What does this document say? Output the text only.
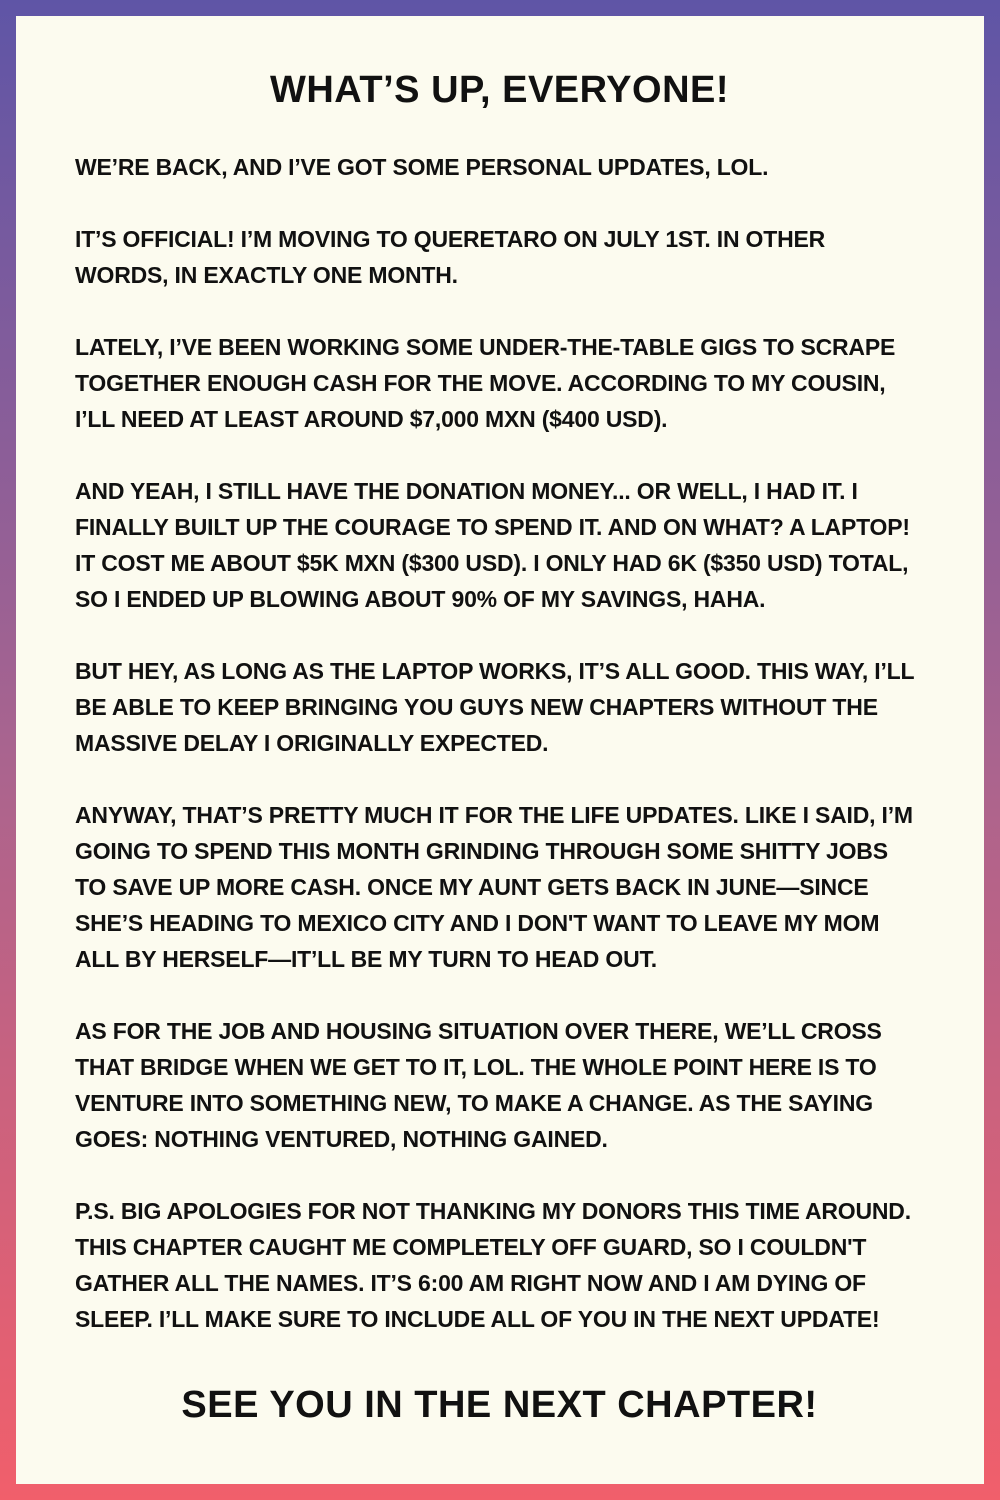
WHAT’S UP, EVERYONE!

WE’RE BACK, AND I’VE GOT SOME PERSONAL UPDATES, LOL.

IT’S OFFICIAL! I’M MOVING TO QUERETARO ON JULY 1ST. IN OTHER WORDS, IN EXACTLY ONE MONTH.

LATELY, I’VE BEEN WORKING SOME UNDER-THE-TABLE GIGS TO SCRAPE TOGETHER ENOUGH CASH FOR THE MOVE. ACCORDING TO MY COUSIN, I’LL NEED AT LEAST AROUND $7,000 MXN ($400 USD).

AND YEAH, I STILL HAVE THE DONATION MONEY... OR WELL, I HAD IT. I FINALLY BUILT UP THE COURAGE TO SPEND IT. AND ON WHAT? A LAPTOP! IT COST ME ABOUT $5K MXN ($300 USD). I ONLY HAD 6K ($350 USD) TOTAL, SO I ENDED UP BLOWING ABOUT 90% OF MY SAVINGS, HAHA.

BUT HEY, AS LONG AS THE LAPTOP WORKS, IT’S ALL GOOD. THIS WAY, I’LL BE ABLE TO KEEP BRINGING YOU GUYS NEW CHAPTERS WITHOUT THE MASSIVE DELAY I ORIGINALLY EXPECTED.

ANYWAY, THAT’S PRETTY MUCH IT FOR THE LIFE UPDATES. LIKE I SAID, I’M GOING TO SPEND THIS MONTH GRINDING THROUGH SOME SHITTY JOBS TO SAVE UP MORE CASH. ONCE MY AUNT GETS BACK IN JUNE—SINCE SHE’S HEADING TO MEXICO CITY AND I DON'T WANT TO LEAVE MY MOM ALL BY HERSELF—IT’LL BE MY TURN TO HEAD OUT.

AS FOR THE JOB AND HOUSING SITUATION OVER THERE, WE’LL CROSS THAT BRIDGE WHEN WE GET TO IT, LOL. THE WHOLE POINT HERE IS TO VENTURE INTO SOMETHING NEW, TO MAKE A CHANGE. AS THE SAYING GOES: NOTHING VENTURED, NOTHING GAINED.

P.S. BIG APOLOGIES FOR NOT THANKING MY DONORS THIS TIME AROUND. THIS CHAPTER CAUGHT ME COMPLETELY OFF GUARD, SO I COULDN'T GATHER ALL THE NAMES. IT’S 6:00 AM RIGHT NOW AND I AM DYING OF SLEEP. I’LL MAKE SURE TO INCLUDE ALL OF YOU IN THE NEXT UPDATE!

SEE YOU IN THE NEXT CHAPTER!
